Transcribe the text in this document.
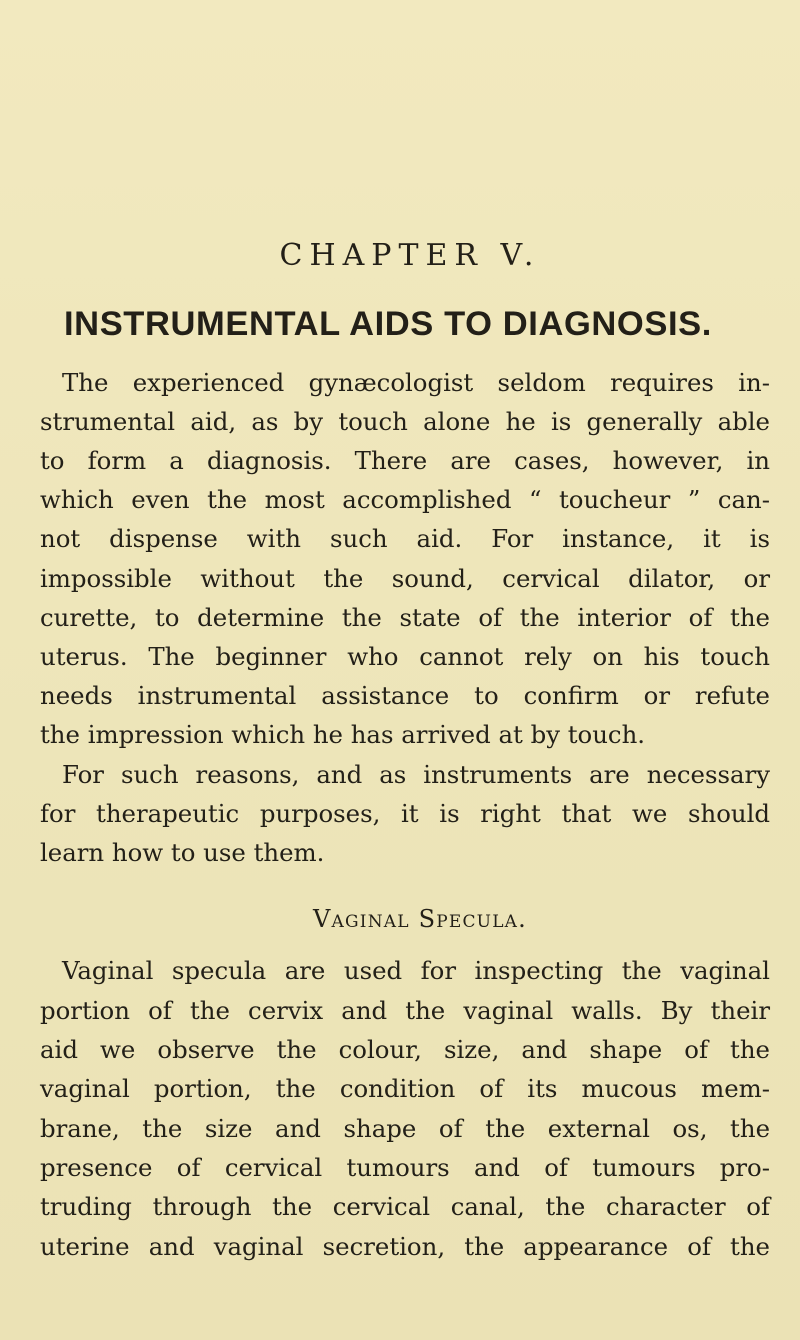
CHAPTER V.
INSTRUMENTAL AIDS TO DIAGNOSIS.
The experienced gynæcologist seldom requires in-
strumental aid, as by touch alone he is generally able
to form a diagnosis. There are cases, however, in
which even the most accomplished “ toucheur ” can-
not dispense with such aid. For instance, it is
impossible without the sound, cervical dilator, or
curette, to determine the state of the interior of the
uterus. The beginner who cannot rely on his touch
needs instrumental assistance to confirm or refute
the impression which he has arrived at by touch.
For such reasons, and as instruments are necessary
for therapeutic purposes, it is right that we should
learn how to use them.
Vaginal Specula.
Vaginal specula are used for inspecting the vaginal
portion of the cervix and the vaginal walls. By their
aid we observe the colour, size, and shape of the
vaginal portion, the condition of its mucous mem-
brane, the size and shape of the external os, the
presence of cervical tumours and of tumours pro-
truding through the cervical canal, the character of
uterine and vaginal secretion, the appearance of the
